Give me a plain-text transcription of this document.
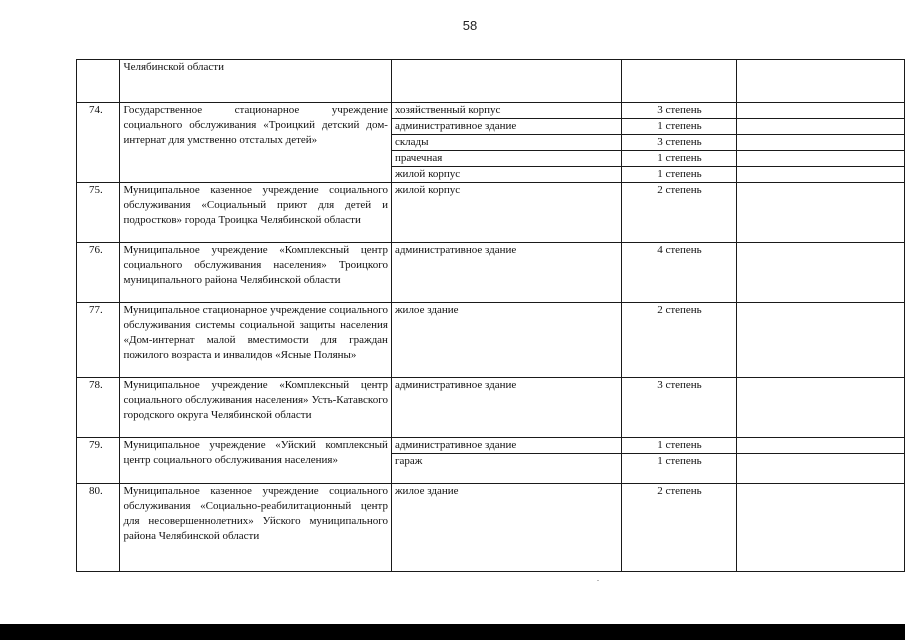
58
	Челябинской области			
74.	Государственное стационарное учреждение социального обслуживания «Троицкий детский дом-интернат для умственно отсталых детей»	хозяйственный корпус	3 степень	
		административное здание	1 степень	
		склады	3 степень	
		прачечная	1 степень	
		жилой корпус	1 степень	
75.	Муниципальное казенное учреждение социального обслуживания «Социальный приют для детей и подростков» города Троицка Челябинской области	жилой корпус	2 степень	
76.	Муниципальное учреждение «Комплексный центр социального обслуживания населения» Троицкого муниципального района Челябинской области	административное здание	4 степень	
77.	Муниципальное стационарное учреждение социального обслуживания системы социальной защиты населения «Дом-интернат малой вместимости для граждан пожилого возраста и инвалидов «Ясные Поляны»	жилое здание	2 степень	
78.	Муниципальное учреждение «Комплексный центр социального обслуживания населения» Усть-Катавского городского округа Челябинской области	административное здание	3 степень	
79.	Муниципальное учреждение «Уйский комплексный центр социального обслуживания населения»	административное здание	1 степень	
		гараж	1 степень	
80.	Муниципальное казенное учреждение социального обслуживания «Социально-реабилитационный центр для несовершеннолетних» Уйского муниципального района Челябинской области	жилое здание	2 степень	
